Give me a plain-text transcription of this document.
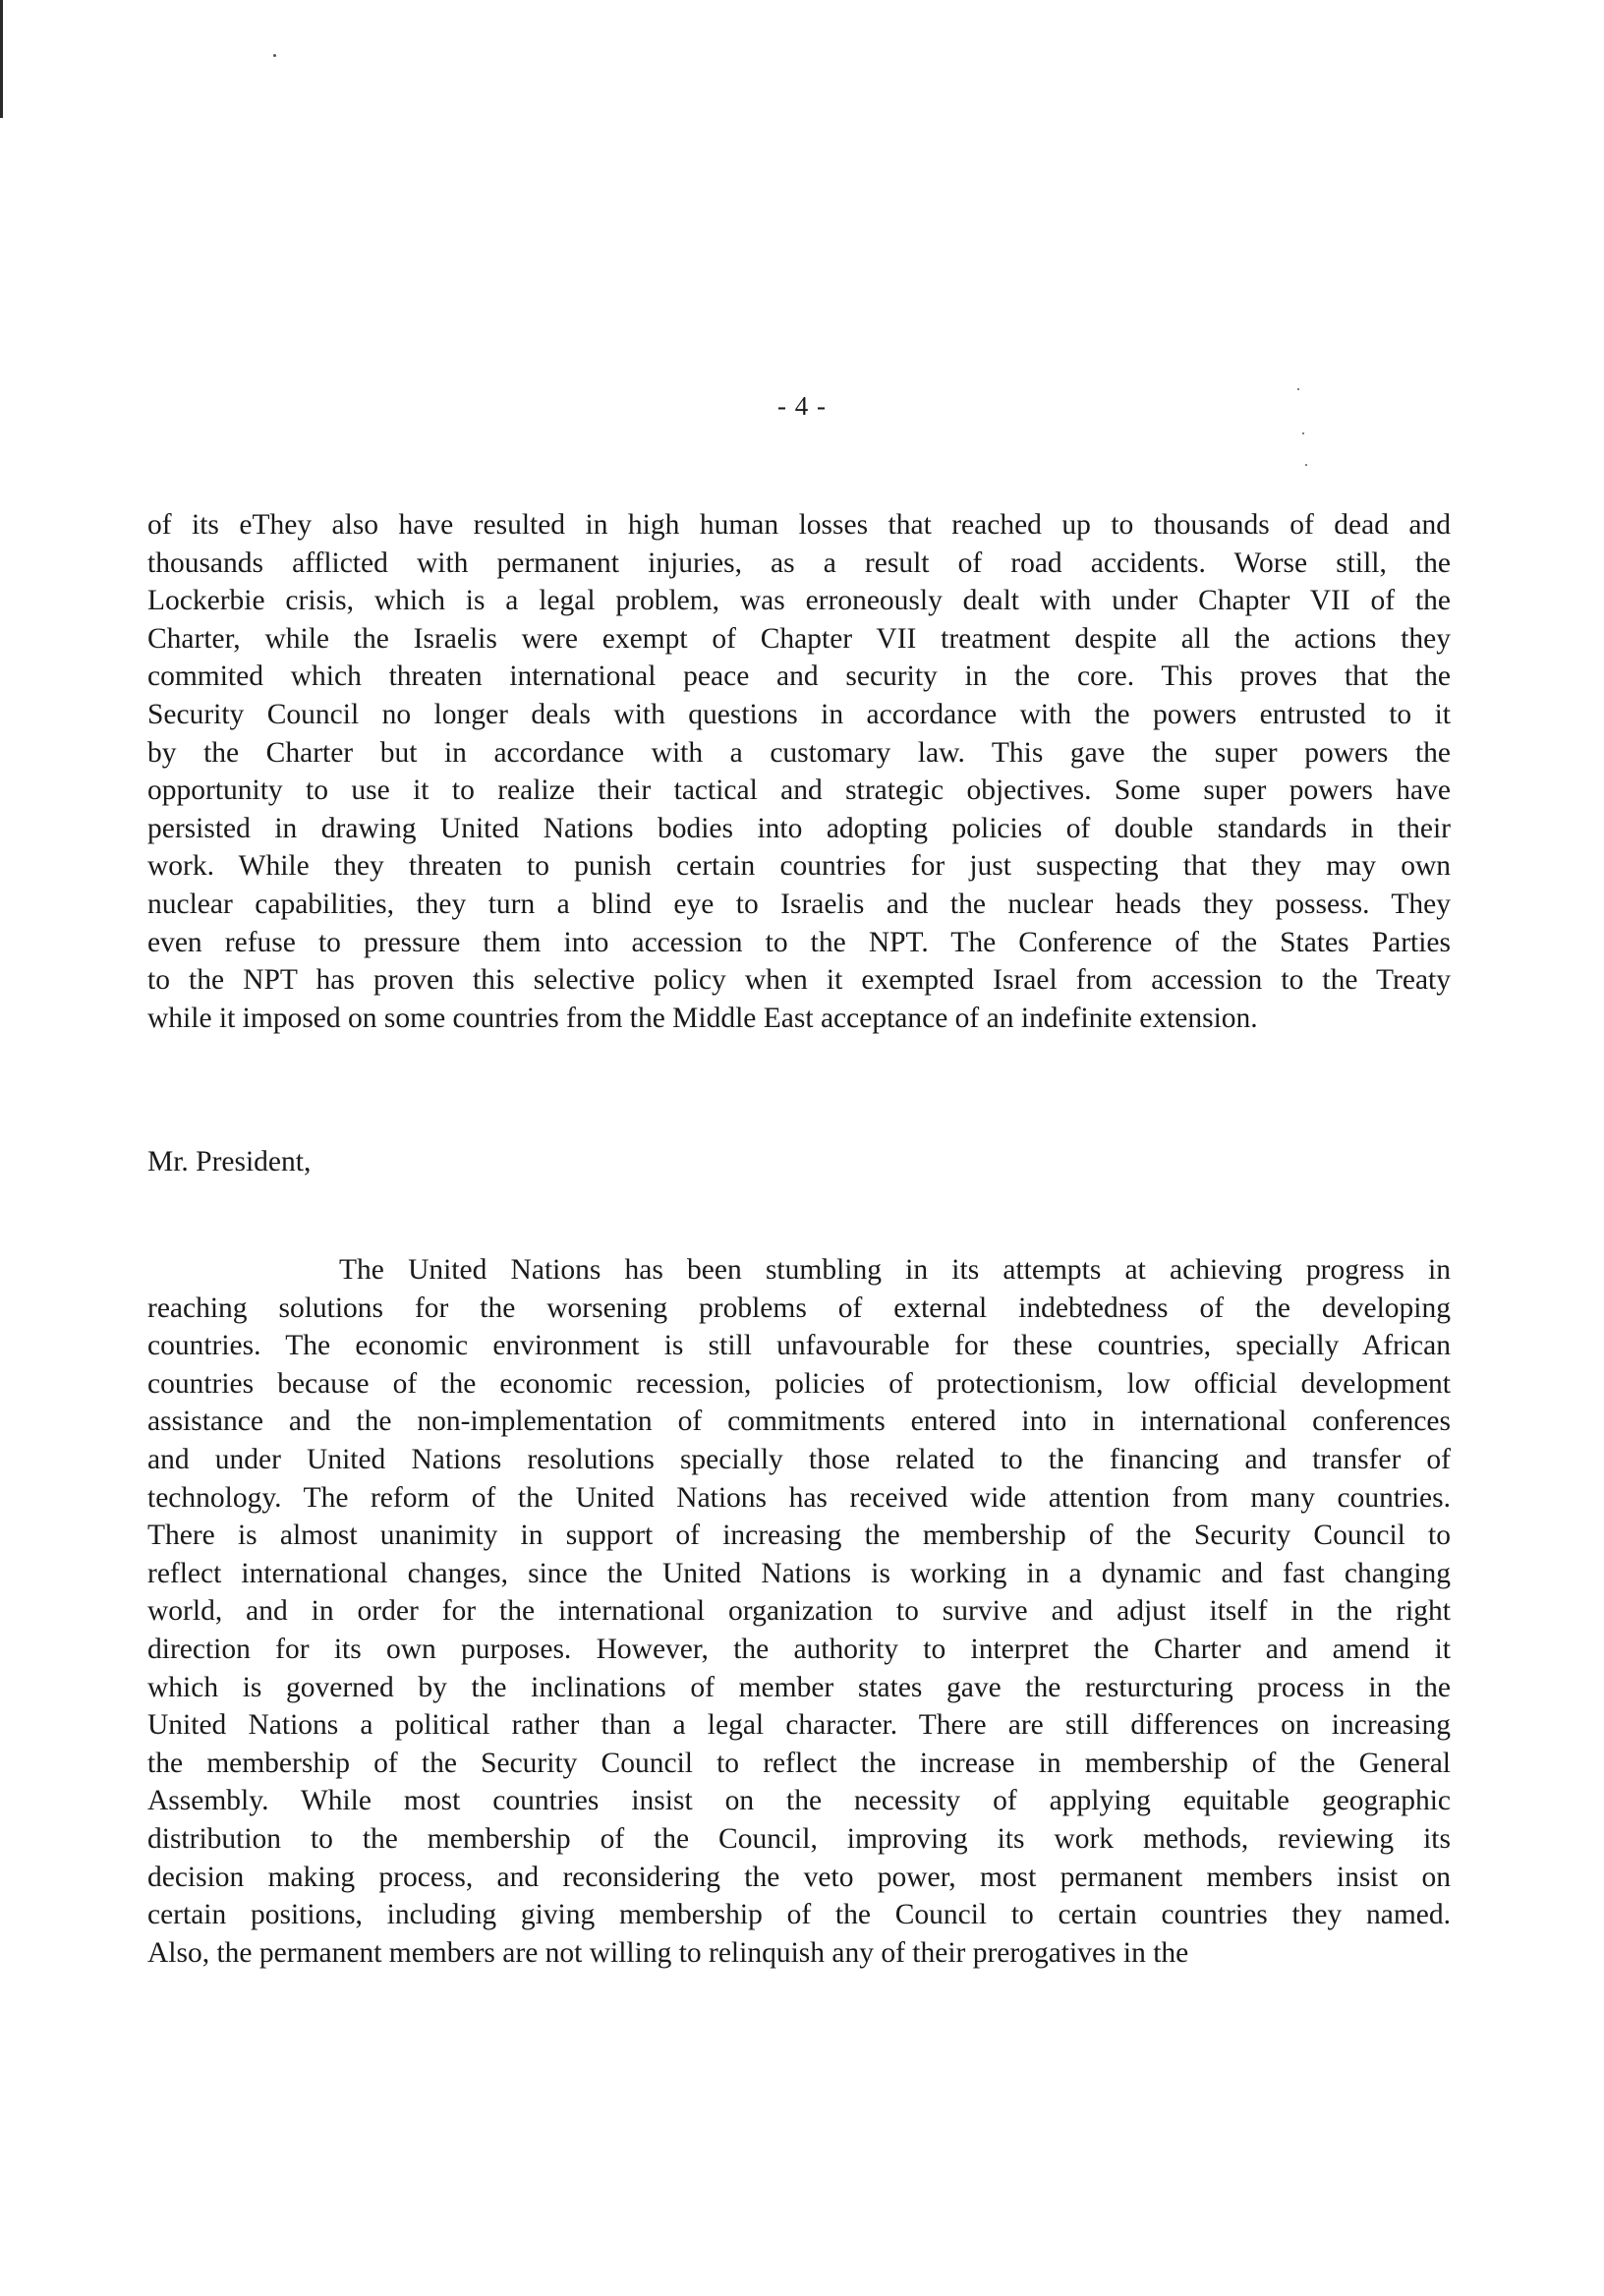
- 4 -
of its eThey also have resulted in high human losses that reached up to thousands of dead and
thousands afflicted with permanent injuries, as a result of road accidents. Worse still, the
Lockerbie crisis, which is a legal problem, was erroneously dealt with under Chapter VII of the
Charter, while the Israelis were exempt of Chapter VII treatment despite all the actions they
commited which threaten international peace and security in the core. This proves that the
Security Council no longer deals with questions in accordance with the powers entrusted to it
by the Charter but in accordance with a customary law. This gave the super powers the
opportunity to use it to realize their tactical and strategic objectives. Some super powers have
persisted in drawing United Nations bodies into adopting policies of double standards in their
work. While they threaten to punish certain countries for just suspecting that they may own
nuclear capabilities, they turn a blind eye to Israelis and the nuclear heads they possess. They
even refuse to pressure them into accession to the NPT. The Conference of the States Parties
to the NPT has proven this selective policy when it exempted Israel from accession to the Treaty
while it imposed on some countries from the Middle East acceptance of an indefinite extension.
Mr. President,
The United Nations has been stumbling in its attempts at achieving progress in
reaching solutions for the worsening problems of external indebtedness of the developing
countries. The economic environment is still unfavourable for these countries, specially African
countries because of the economic recession, policies of protectionism, low official development
assistance and the non-implementation of commitments entered into in international conferences
and under United Nations resolutions specially those related to the financing and transfer of
technology. The reform of the United Nations has received wide attention from many countries.
There is almost unanimity in support of increasing the membership of the Security Council to
reflect international changes, since the United Nations is working in a dynamic and fast changing
world, and in order for the international organization to survive and adjust itself in the right
direction for its own purposes. However, the authority to interpret the Charter and amend it
which is governed by the inclinations of member states gave the resturcturing process in the
United Nations a political rather than a legal character. There are still differences on increasing
the membership of the Security Council to reflect the increase in membership of the General
Assembly. While most countries insist on the necessity of applying equitable geographic
distribution to the membership of the Council, improving its work methods, reviewing its
decision making process, and reconsidering the veto power, most permanent members insist on
certain positions, including giving membership of the Council to certain countries they named.
Also, the permanent members are not willing to relinquish any of their prerogatives in the
